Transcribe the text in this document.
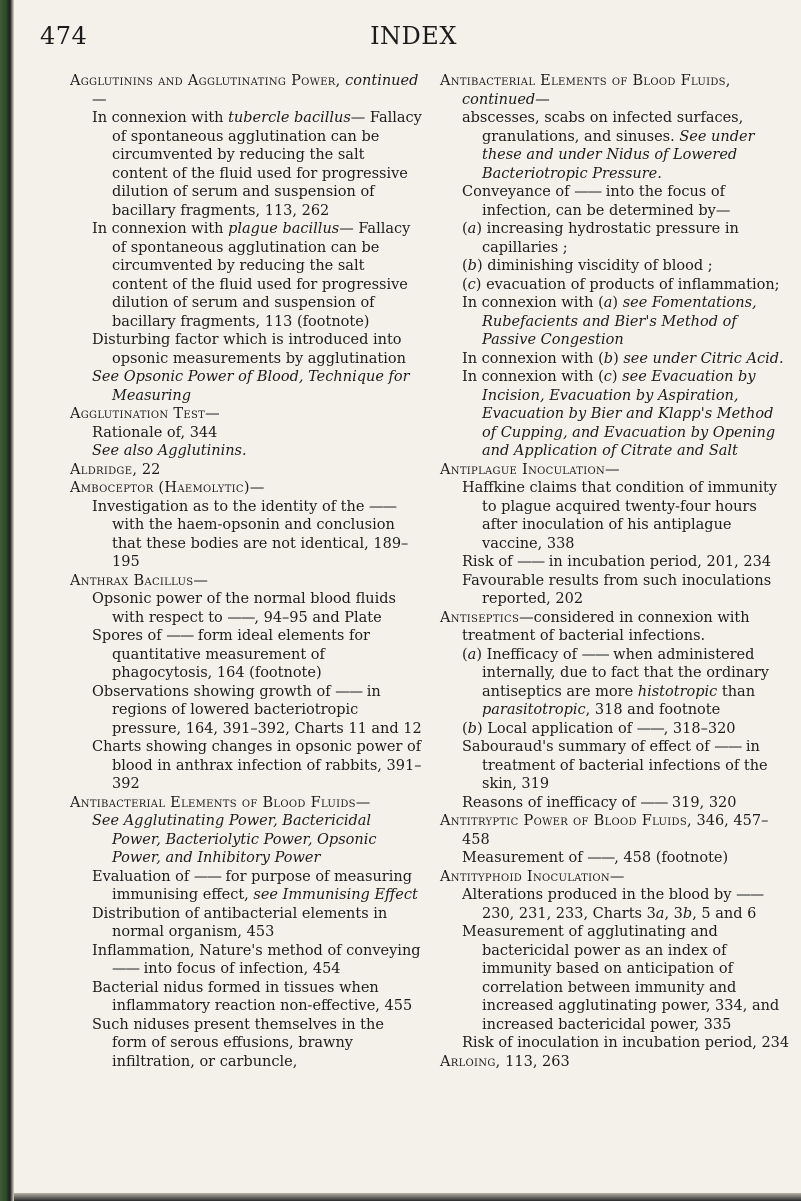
474	INDEX
Agglutinins and Agglutinating Power, continued—
In connexion with tubercle bacillus— Fallacy of spontaneous agglutination can be circumvented by reducing the salt content of the fluid used for progressive dilution of serum and suspension of bacillary fragments, 113, 262
In connexion with plague bacillus— Fallacy of spontaneous agglutination can be circumvented by reducing the salt content of the fluid used for progressive dilution of serum and suspension of bacillary fragments, 113 (footnote)
Disturbing factor which is introduced into opsonic measurements by agglutination
See Opsonic Power of Blood, Technique for Measuring
Agglutination Test—
Rationale of, 344
See also Agglutinins.
Aldridge, 22
Amboceptor (Haemolytic)—
Investigation as to the identity of the —— with the haem-opsonin and conclusion that these bodies are not identical, 189–195
Anthrax Bacillus—
Opsonic power of the normal blood fluids with respect to ——, 94–95 and Plate
Spores of —— form ideal elements for quantitative measurement of phagocytosis, 164 (footnote)
Observations showing growth of —— in regions of lowered bacteriotropic pressure, 164, 391–392, Charts 11 and 12
Charts showing changes in opsonic power of blood in anthrax infection of rabbits, 391–392
Antibacterial Elements of Blood Fluids—
See Agglutinating Power, Bactericidal Power, Bacteriolytic Power, Opsonic Power, and Inhibitory Power
Evaluation of —— for purpose of measuring immunising effect, see Immunising Effect
Distribution of antibacterial elements in normal organism, 453
Inflammation, Nature's method of conveying —— into focus of infection, 454
Bacterial nidus formed in tissues when inflammatory reaction non-effective, 455
Such niduses present themselves in the form of serous effusions, brawny infiltration, or carbuncle,
Antibacterial Elements of Blood Fluids, continued—
abscesses, scabs on infected surfaces, granulations, and sinuses. See under these and under Nidus of Lowered Bacteriotropic Pressure.
Conveyance of —— into the focus of infection, can be determined by—
(a) increasing hydrostatic pressure in capillaries ;
(b) diminishing viscidity of blood ;
(c) evacuation of products of inflammation;
In connexion with (a) see Fomentations, Rubefacients and Bier's Method of Passive Congestion
In connexion with (b) see under Citric Acid.
In connexion with (c) see Evacuation by Incision, Evacuation by Aspiration, Evacuation by Bier and Klapp's Method of Cupping, and Evacuation by Opening and Application of Citrate and Salt
Antiplague Inoculation—
Haffkine claims that condition of immunity to plague acquired twenty-four hours after inoculation of his antiplague vaccine, 338
Risk of —— in incubation period, 201, 234
Favourable results from such inoculations reported, 202
Antiseptics—considered in connexion with treatment of bacterial infections.
(a) Inefficacy of —— when administered internally, due to fact that the ordinary antiseptics are more histotropic than parasitotropic, 318 and footnote
(b) Local application of ——, 318–320
Sabouraud's summary of effect of —— in treatment of bacterial infections of the skin, 319
Reasons of inefficacy of —— 319, 320
Antitryptic Power of Blood Fluids, 346, 457–458
Measurement of ——, 458 (footnote)
Antityphoid Inoculation—
Alterations produced in the blood by —— 230, 231, 233, Charts 3a, 3b, 5 and 6
Measurement of agglutinating and bactericidal power as an index of immunity based on anticipation of correlation between immunity and increased agglutinating power, 334, and increased bactericidal power, 335
Risk of inoculation in incubation period, 234
Arloing, 113, 263
